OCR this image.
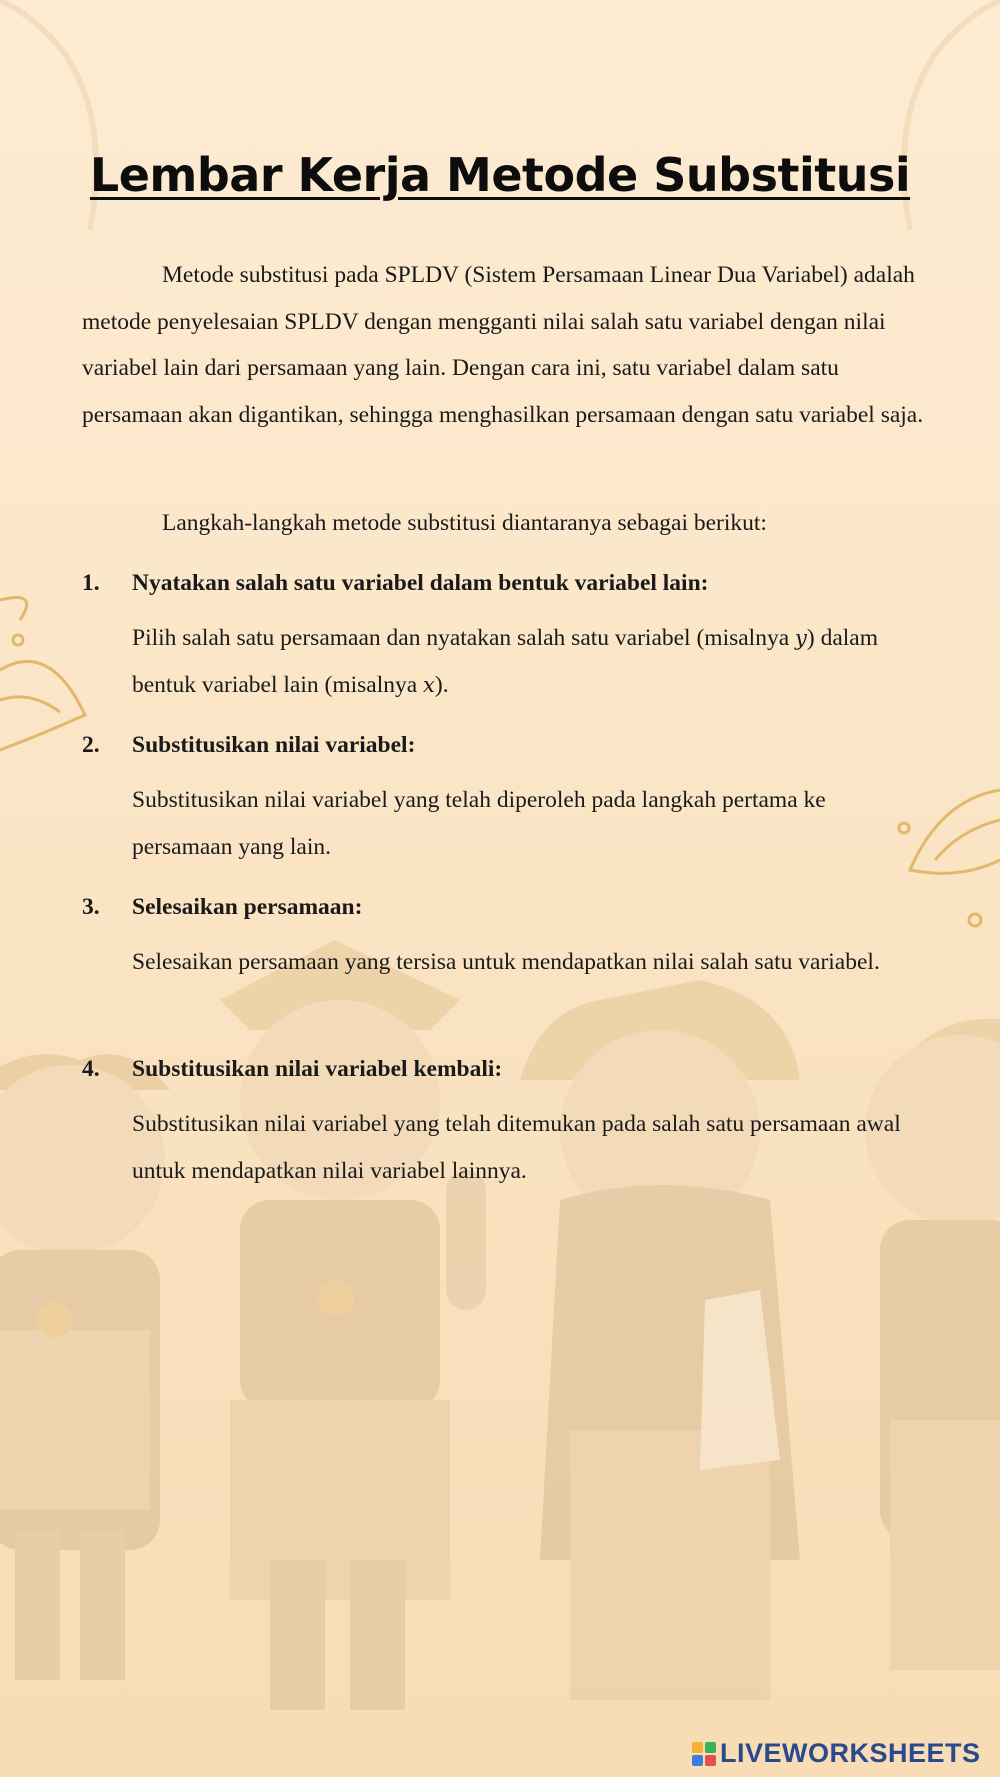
Lembar Kerja Metode Substitusi

Metode substitusi pada SPLDV (Sistem Persamaan Linear Dua Variabel) adalah metode penyelesaian SPLDV dengan mengganti nilai salah satu variabel dengan nilai variabel lain dari persamaan yang lain. Dengan cara ini, satu variabel dalam satu persamaan akan digantikan, sehingga menghasilkan persamaan dengan satu variabel saja.

Langkah-langkah metode substitusi diantaranya sebagai berikut:

1. Nyatakan salah satu variabel dalam bentuk variabel lain:

Pilih salah satu persamaan dan nyatakan salah satu variabel (misalnya y) dalam bentuk variabel lain (misalnya x).

2. Substitusikan nilai variabel:

Substitusikan nilai variabel yang telah diperoleh pada langkah pertama ke persamaan yang lain.

3. Selesaikan persamaan:

Selesaikan persamaan yang tersisa untuk mendapatkan nilai salah satu variabel.

4. Substitusikan nilai variabel kembali:

Substitusikan nilai variabel yang telah ditemukan pada salah satu persamaan awal untuk mendapatkan nilai variabel lainnya.

LIVEWORKSHEETS
